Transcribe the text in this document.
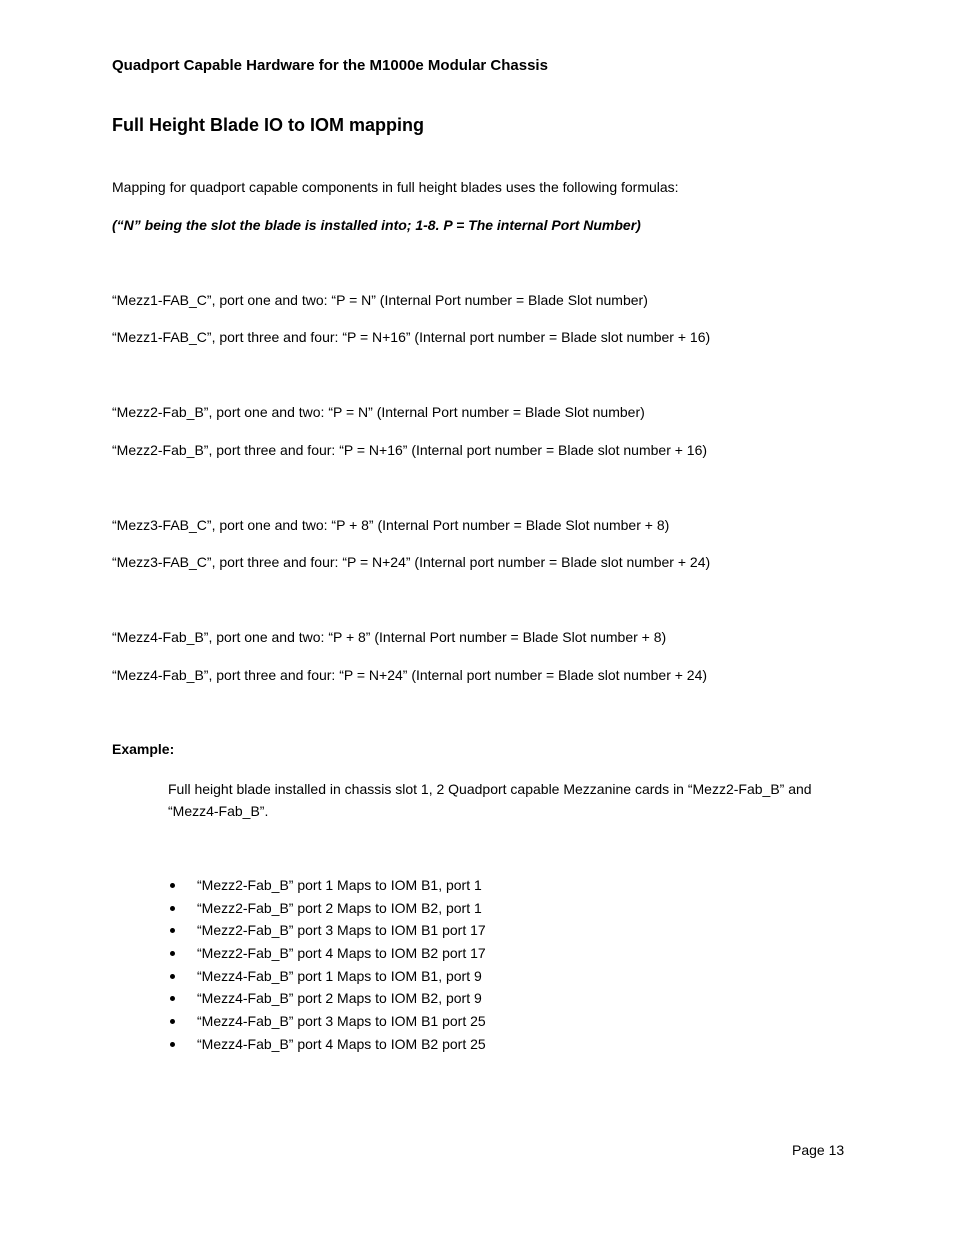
Quadport Capable Hardware for the M1000e Modular Chassis
Full Height Blade IO to IOM mapping
Mapping for quadport capable components in full height blades uses the following formulas:
(“N” being the slot the blade is installed into; 1-8. P = The internal Port Number)
“Mezz1-FAB_C”, port one and two: “P = N” (Internal Port number = Blade Slot number)
“Mezz1-FAB_C”, port three and four: “P = N+16” (Internal port number = Blade slot number + 16)
“Mezz2-Fab_B”, port one and two: “P = N” (Internal Port number = Blade Slot number)
“Mezz2-Fab_B”, port three and four: “P = N+16” (Internal port number = Blade slot number + 16)
“Mezz3-FAB_C”, port one and two: “P + 8” (Internal Port number = Blade Slot number + 8)
“Mezz3-FAB_C”, port three and four: “P = N+24” (Internal port number = Blade slot number + 24)
“Mezz4-Fab_B”, port one and two: “P + 8” (Internal Port number = Blade Slot number + 8)
“Mezz4-Fab_B”, port three and four: “P = N+24” (Internal port number = Blade slot number + 24)
Example:
Full height blade installed in chassis slot 1, 2 Quadport capable Mezzanine cards in “Mezz2-Fab_B” and “Mezz4-Fab_B”.
“Mezz2-Fab_B” port 1 Maps to IOM B1, port 1
“Mezz2-Fab_B” port 2 Maps to IOM B2, port 1
“Mezz2-Fab_B” port 3 Maps to IOM B1 port 17
“Mezz2-Fab_B” port 4 Maps to IOM B2 port 17
“Mezz4-Fab_B” port 1 Maps to IOM B1, port 9
“Mezz4-Fab_B” port 2 Maps to IOM B2, port 9
“Mezz4-Fab_B” port 3 Maps to IOM B1 port 25
“Mezz4-Fab_B” port 4 Maps to IOM B2 port 25
Page 13
